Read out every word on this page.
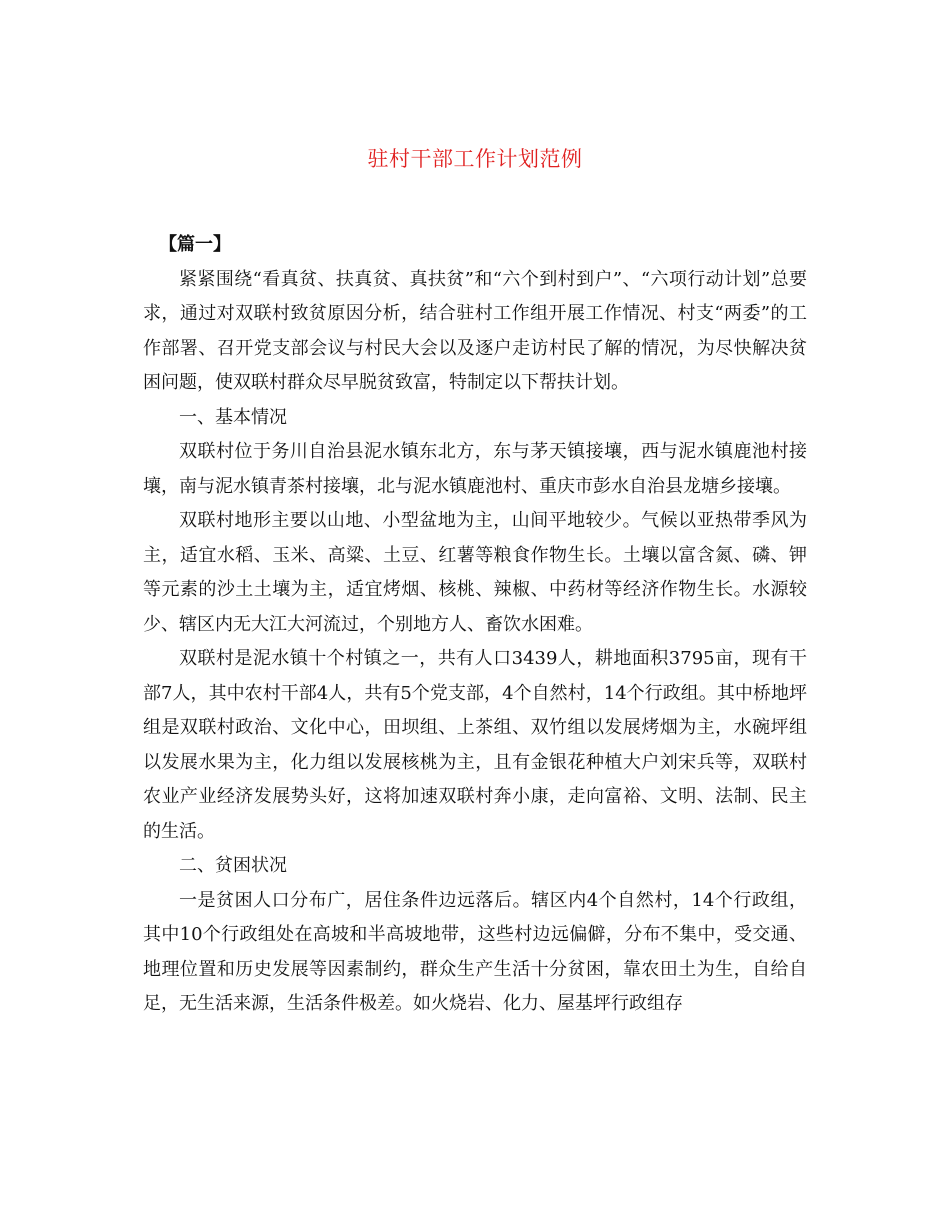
驻村干部工作计划范例

【篇一】

紧紧围绕“看真贫、扶真贫、真扶贫”和“六个到村到户”、“六项行动计划”总要求，通过对双联村致贫原因分析，结合驻村工作组开展工作情况、村支“两委”的工作部署、召开党支部会议与村民大会以及逐户走访村民了解的情况，为尽快解决贫困问题，使双联村群众尽早脱贫致富，特制定以下帮扶计划。

一、基本情况

双联村位于务川自治县泥水镇东北方，东与茅天镇接壤，西与泥水镇鹿池村接壤，南与泥水镇青茶村接壤，北与泥水镇鹿池村、重庆市彭水自治县龙塘乡接壤。

双联村地形主要以山地、小型盆地为主，山间平地较少。气候以亚热带季风为主，适宜水稻、玉米、高粱、土豆、红薯等粮食作物生长。土壤以富含氮、磷、钾等元素的沙土土壤为主，适宜烤烟、核桃、辣椒、中药材等经济作物生长。水源较少、辖区内无大江大河流过，个别地方人、畜饮水困难。

双联村是泥水镇十个村镇之一，共有人口3439人，耕地面积3795亩，现有干部7人，其中农村干部4人，共有5个党支部，4个自然村，14个行政组。其中桥地坪组是双联村政治、文化中心，田坝组、上茶组、双竹组以发展烤烟为主，水碗坪组以发展水果为主，化力组以发展核桃为主，且有金银花种植大户刘宋兵等，双联村农业产业经济发展势头好，这将加速双联村奔小康，走向富裕、文明、法制、民主的生活。

二、贫困状况

一是贫困人口分布广，居住条件边远落后。辖区内4个自然村，14个行政组，其中10个行政组处在高坡和半高坡地带，这些村边远偏僻，分布不集中，受交通、地理位置和历史发展等因素制约，群众生产生活十分贫困，靠农田土为生，自给自足，无生活来源，生活条件极差。如火烧岩、化力、屋基坪行政组存
